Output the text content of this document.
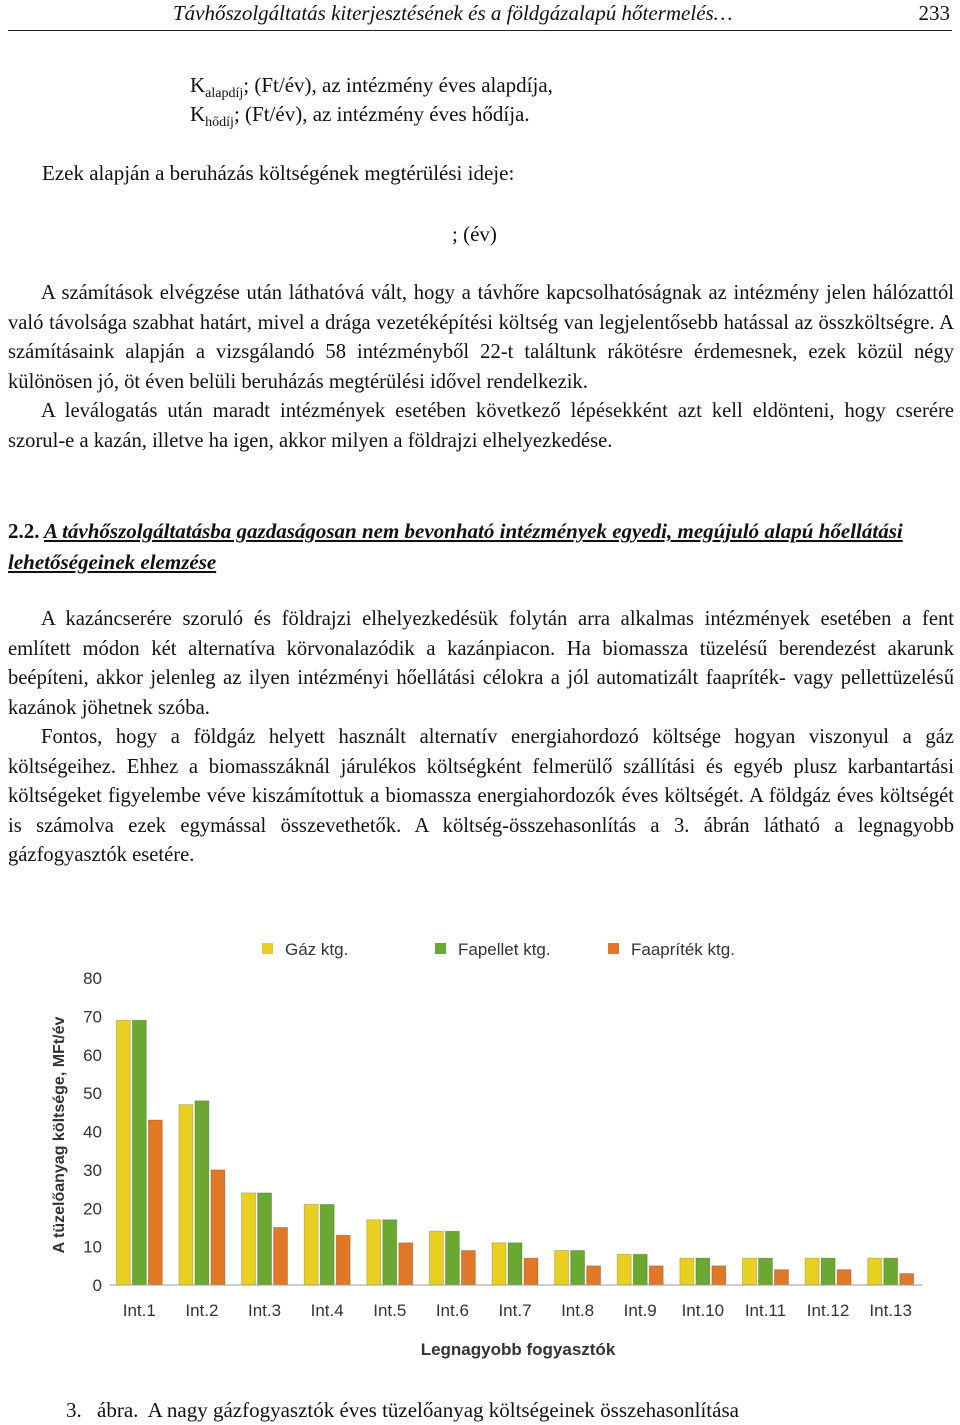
Távhőszolgáltatás kiterjesztésének és a földgázalapú hőtermelés…	233
$K_{alapdíj}$; (Ft/év), az intézmény éves alapdíja,
$K_{hődíj}$; (Ft/év), az intézmény éves hődíja.
Ezek alapján a beruházás költségének megtérülési ideje:
; (év)

A számítások elvégzése után láthatóvá vált, hogy a távhőre kapcsolhatóságnak az intézmény jelen hálózattól való távolsága szabhat határt, mivel a drága vezetéképítési költség van legjelentősebb hatással az összköltségre. A számításaink alapján a vizsgálandó 58 intézményből 22-t találtunk rákötésre érdemesnek, ezek közül négy különösen jó, öt éven belüli beruházás megtérülési idővel rendelkezik.

A leválogatás után maradt intézmények esetében következő lépésekként azt kell eldönteni, hogy cserére szorul-e a kazán, illetve ha igen, akkor milyen a földrajzi elhelyezkedése.

2.2. A távhőszolgáltatásba gazdaságosan nem bevonható intézmények egyedi, megújuló alapú hőellátási lehetőségeinek elemzése

A kazáncserére szoruló és földrajzi elhelyezkedésük folytán arra alkalmas intézmények esetében a fent említett módon két alternatíva körvonalazódik a kazánpiacon. Ha biomassza tüzelésű berendezést akarunk beépíteni, akkor jelenleg az ilyen intézményi hőellátási célokra a jól automatizált faapríték- vagy pellettüzelésű kazánok jöhetnek szóba.

Fontos, hogy a földgáz helyett használt alternatív energiahordozó költsége hogyan viszonyul a gáz költségeihez. Ehhez a biomasszáknál járulékos költségként felmerülő szállítási és egyéb plusz karbantartási költségeket figyelembe véve kiszámítottuk a biomassza energiahordozók éves költségét. A földgáz éves költségét is számolva ezek egymással összevethetők. A költség-összehasonlítás a 3. ábrán látható a legnagyobb gázfogyasztók esetére.

Gáz ktg.	Fapellet ktg.	Faapríték ktg.
A tüzelőanyag költsége, MFt/év
0
10
20
30
40
50
60
70
80
Int.1 Int.2 Int.3 Int.4 Int.5 Int.6 Int.7 Int.8 Int.9 Int.10 Int.11 Int.12 Int.13
Legnagyobb fogyasztók
3. ábra. A nagy gázfogyasztók éves tüzelőanyag költségeinek összehasonlítása
